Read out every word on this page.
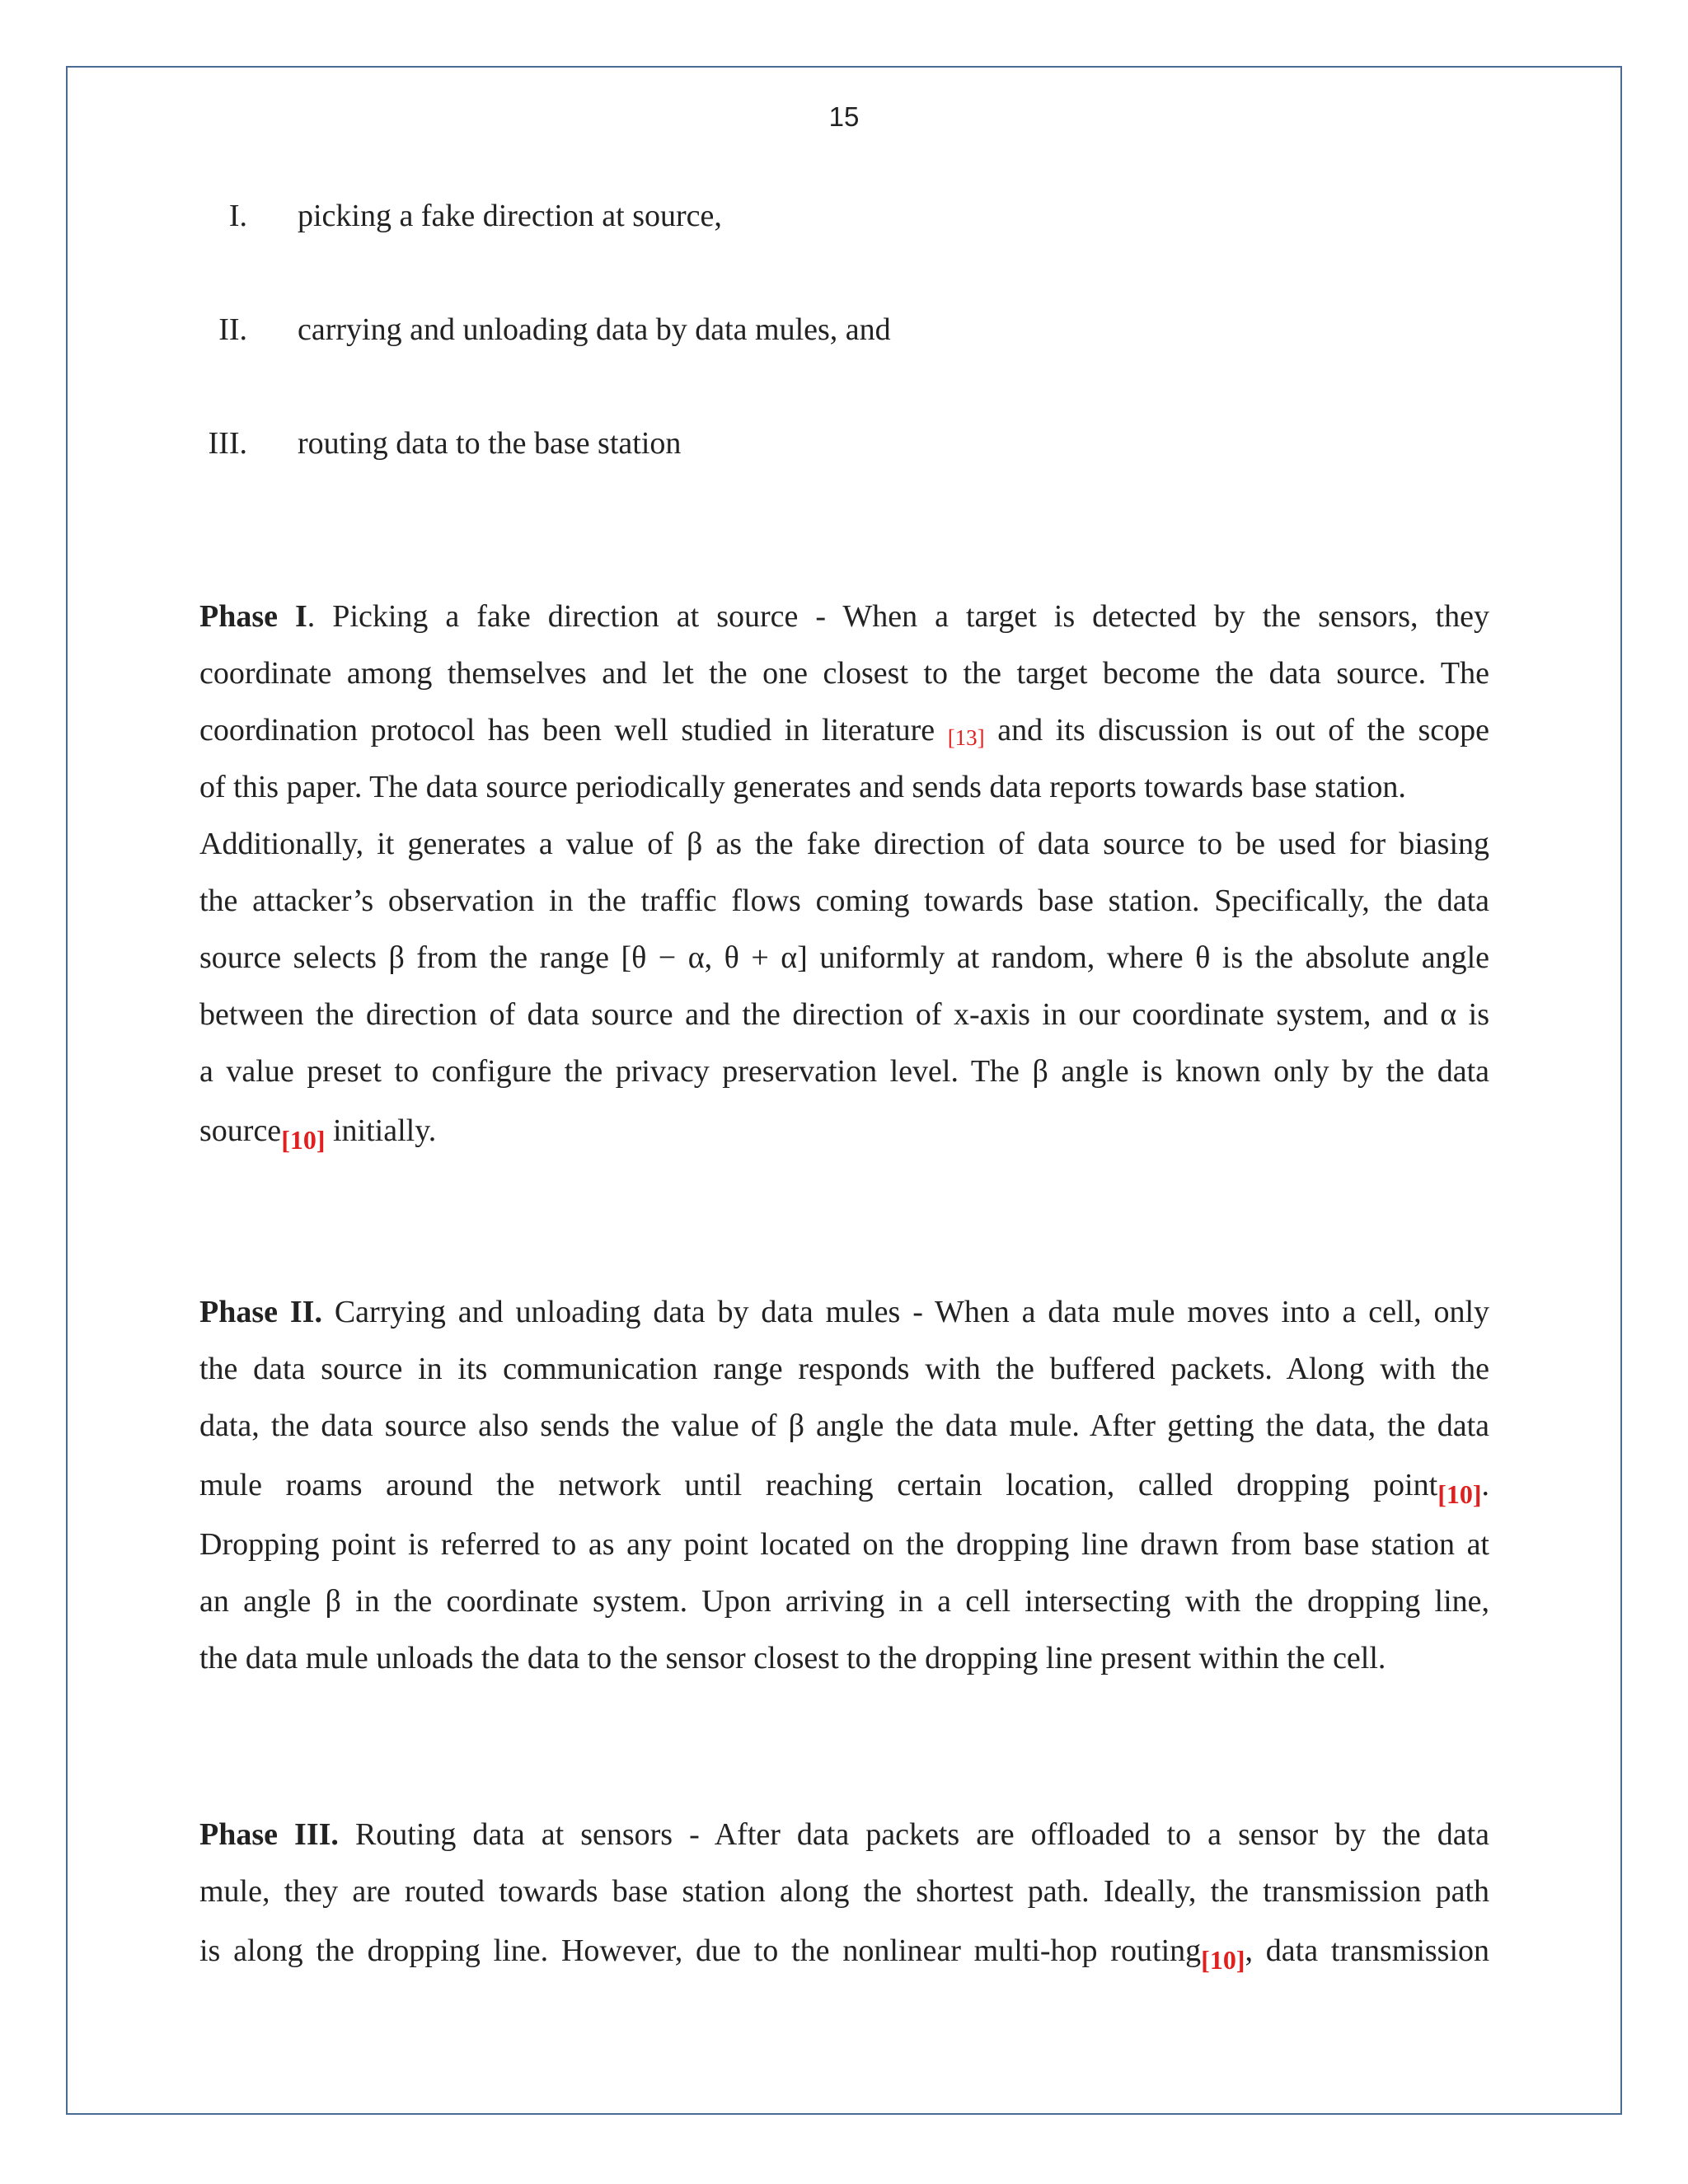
15
I. picking a fake direction at source,
II. carrying and unloading data by data mules, and
III. routing data to the base station
Phase I. Picking a fake direction at source - When a target is detected by the sensors, they
coordinate among themselves and let the one closest to the target become the data source. The
coordination protocol has been well studied in literature [13] and its discussion is out of the scope
of this paper. The data source periodically generates and sends data reports towards base station.
Additionally, it generates a value of β as the fake direction of data source to be used for biasing
the attacker’s observation in the traffic flows coming towards base station. Specifically, the data
source selects β from the range [θ − α, θ + α] uniformly at random, where θ is the absolute angle
between the direction of data source and the direction of x-axis in our coordinate system, and α is
a value preset to configure the privacy preservation level. The β angle is known only by the data
source$_{[10]}$ initially.
Phase II. Carrying and unloading data by data mules - When a data mule moves into a cell, only
the data source in its communication range responds with the buffered packets. Along with the
data, the data source also sends the value of β angle the data mule. After getting the data, the data
mule roams around the network until reaching certain location, called dropping point$_{[10]}$.
Dropping point is referred to as any point located on the dropping line drawn from base station at
an angle β in the coordinate system. Upon arriving in a cell intersecting with the dropping line,
the data mule unloads the data to the sensor closest to the dropping line present within the cell.
Phase III. Routing data at sensors - After data packets are offloaded to a sensor by the data
mule, they are routed towards base station along the shortest path. Ideally, the transmission path
is along the dropping line. However, due to the nonlinear multi-hop routing$_{[10]}$, data transmission
